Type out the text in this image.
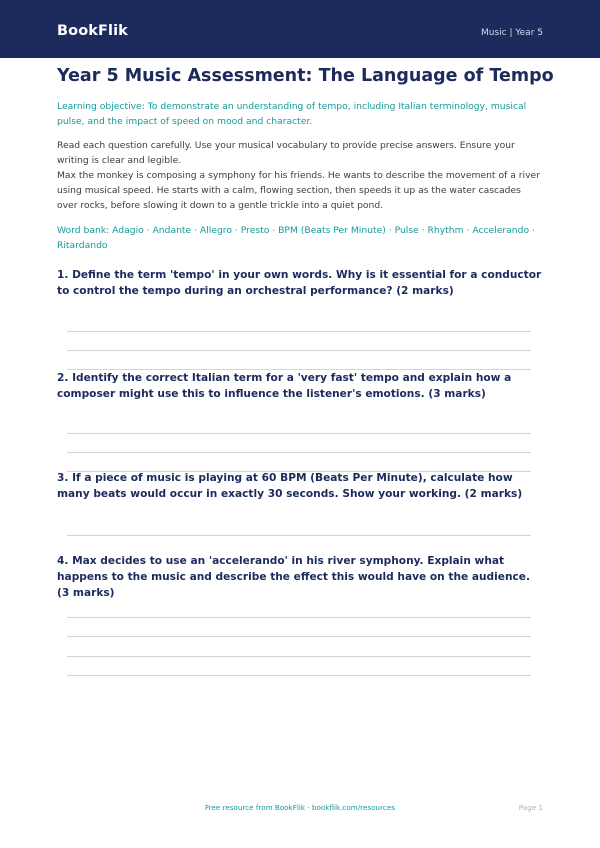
BookFlik	Music | Year 5
Year 5 Music Assessment: The Language of Tempo

Learning objective: To demonstrate an understanding of tempo, including Italian terminology, musical pulse, and the impact of speed on mood and character.

Read each question carefully. Use your musical vocabulary to provide precise answers. Ensure your writing is clear and legible.

Max the monkey is composing a symphony for his friends. He wants to describe the movement of a river using musical speed. He starts with a calm, flowing section, then speeds it up as the water cascades over rocks, before slowing it down to a gentle trickle into a quiet pond.

Word bank: Adagio · Andante · Allegro · Presto · BPM (Beats Per Minute) · Pulse · Rhythm · Accelerando · Ritardando

1. Define the term 'tempo' in your own words. Why is it essential for a conductor to control the tempo during an orchestral performance? (2 marks)

2. Identify the correct Italian term for a 'very fast' tempo and explain how a composer might use this to influence the listener's emotions. (3 marks)

3. If a piece of music is playing at 60 BPM (Beats Per Minute), calculate how many beats would occur in exactly 30 seconds. Show your working. (2 marks)

4. Max decides to use an 'accelerando' in his river symphony. Explain what happens to the music and describe the effect this would have on the audience. (3 marks)

Free resource from BookFlik · bookflik.com/resources	Page 1
